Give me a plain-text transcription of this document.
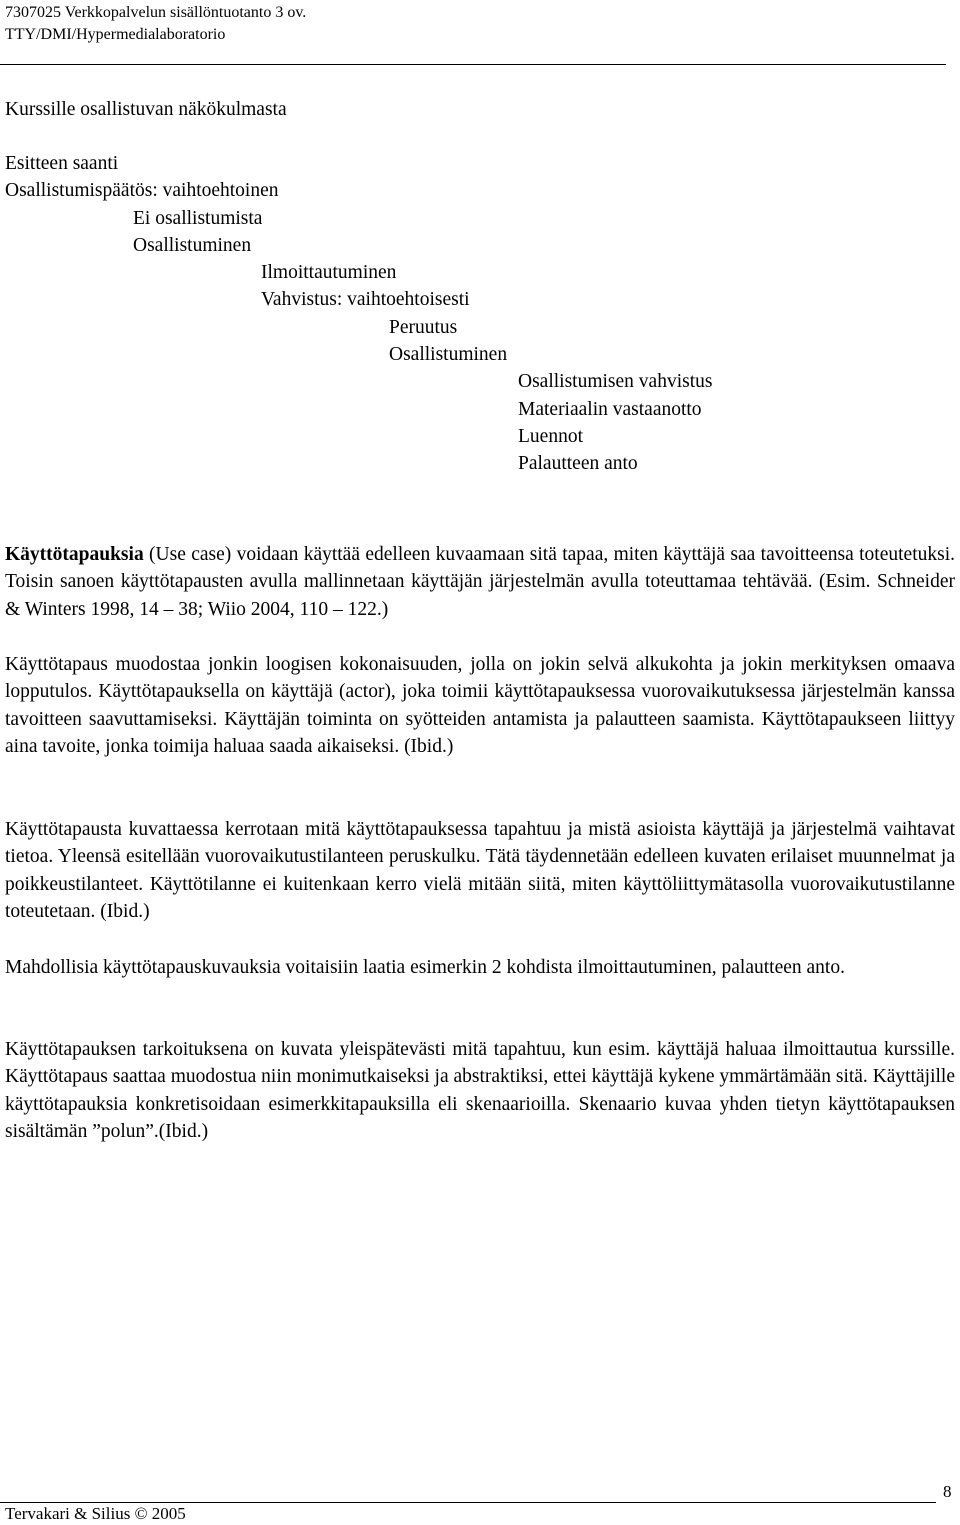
7307025 Verkkopalvelun sisällöntuotanto 3 ov.
TTY/DMI/Hypermedialaboratorio
Kurssille osallistuvan näkökulmasta
Esitteen saanti
Osallistumispäätös: vaihtoehtoinen
Ei osallistumista
Osallistuminen
Ilmoittautuminen
Vahvistus: vaihtoehtoisesti
Peruutus
Osallistuminen
Osallistumisen vahvistus
Materiaalin vastaanotto
Luennot
Palautteen anto

Käyttötapauksia (Use case) voidaan käyttää edelleen kuvaamaan sitä tapaa, miten käyttäjä saa tavoitteensa toteutetuksi. Toisin sanoen käyttötapausten avulla mallinnetaan käyttäjän järjestelmän avulla toteuttamaa tehtävää. (Esim. Schneider & Winters 1998, 14 – 38; Wiio 2004, 110 – 122.)

Käyttötapaus muodostaa jonkin loogisen kokonaisuuden, jolla on jokin selvä alkukohta ja jokin merkityksen omaava lopputulos. Käyttötapauksella on käyttäjä (actor), joka toimii käyttötapauksessa vuorovaikutuksessa järjestelmän kanssa tavoitteen saavuttamiseksi. Käyttäjän toiminta on syötteiden antamista ja palautteen saamista. Käyttötapaukseen liittyy aina tavoite, jonka toimija haluaa saada aikaiseksi. (Ibid.)

Käyttötapausta kuvattaessa kerrotaan mitä käyttötapauksessa tapahtuu ja mistä asioista käyttäjä ja järjestelmä vaihtavat tietoa. Yleensä esitellään vuorovaikutustilanteen peruskulku. Tätä täydennetään edelleen kuvaten erilaiset muunnelmat ja poikkeustilanteet. Käyttötilanne ei kuitenkaan kerro vielä mitään siitä, miten käyttöliittymätasolla vuorovaikutustilanne toteutetaan. (Ibid.)

Mahdollisia käyttötapauskuvauksia voitaisiin laatia esimerkin 2 kohdista ilmoittautuminen, palautteen anto.

Käyttötapauksen tarkoituksena on kuvata yleispätevästi mitä tapahtuu, kun esim. käyttäjä haluaa ilmoittautua kurssille. Käyttötapaus saattaa muodostua niin monimutkaiseksi ja abstraktiksi, ettei käyttäjä kykene ymmärtämään sitä. Käyttäjille käyttötapauksia konkretisoidaan esimerkkitapauksilla eli skenaarioilla. Skenaario kuvaa yhden tietyn käyttötapauksen sisältämän ”polun”.(Ibid.)

Tervakari & Silius © 2005
8
